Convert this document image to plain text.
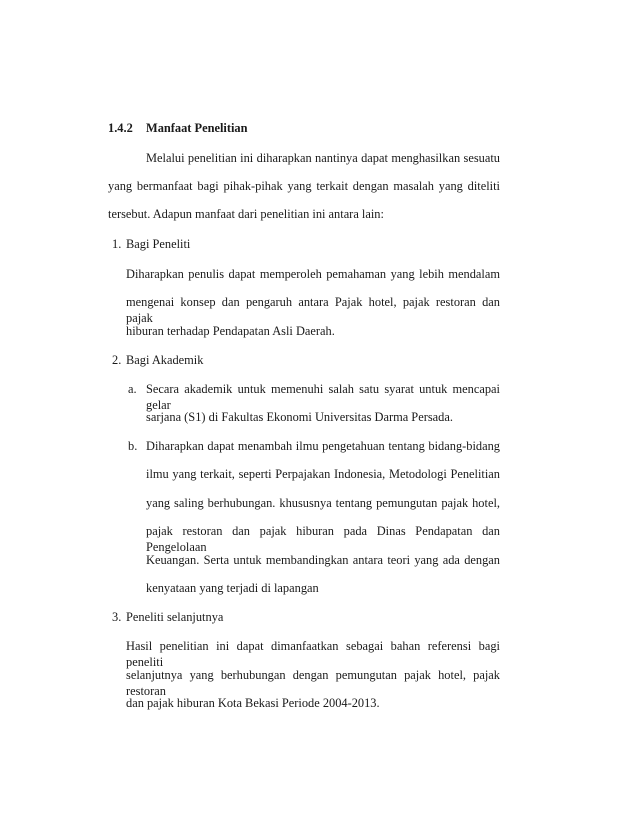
1.4.2 Manfaat Penelitian
Melalui penelitian ini diharapkan nantinya dapat menghasilkan sesuatu
yang bermanfaat bagi pihak-pihak yang terkait dengan masalah yang diteliti
tersebut. Adapun manfaat dari penelitian ini antara lain:
1. Bagi Peneliti
Diharapkan penulis dapat memperoleh pemahaman yang lebih mendalam
mengenai konsep dan pengaruh antara Pajak hotel, pajak restoran dan pajak
hiburan terhadap Pendapatan Asli Daerah.
2. Bagi Akademik
a. Secara akademik untuk memenuhi salah satu syarat untuk mencapai gelar
sarjana (S1) di Fakultas Ekonomi Universitas Darma Persada.
b. Diharapkan dapat menambah ilmu pengetahuan tentang bidang-bidang
ilmu yang terkait, seperti Perpajakan Indonesia, Metodologi Penelitian
yang saling berhubungan. khususnya tentang pemungutan pajak hotel,
pajak restoran dan pajak hiburan pada Dinas Pendapatan dan Pengelolaan
Keuangan. Serta untuk membandingkan antara teori yang ada dengan
kenyataan yang terjadi di lapangan
3. Peneliti selanjutnya
Hasil penelitian ini dapat dimanfaatkan sebagai bahan referensi bagi peneliti
selanjutnya yang berhubungan dengan pemungutan pajak hotel, pajak restoran
dan pajak hiburan Kota Bekasi Periode 2004-2013.
